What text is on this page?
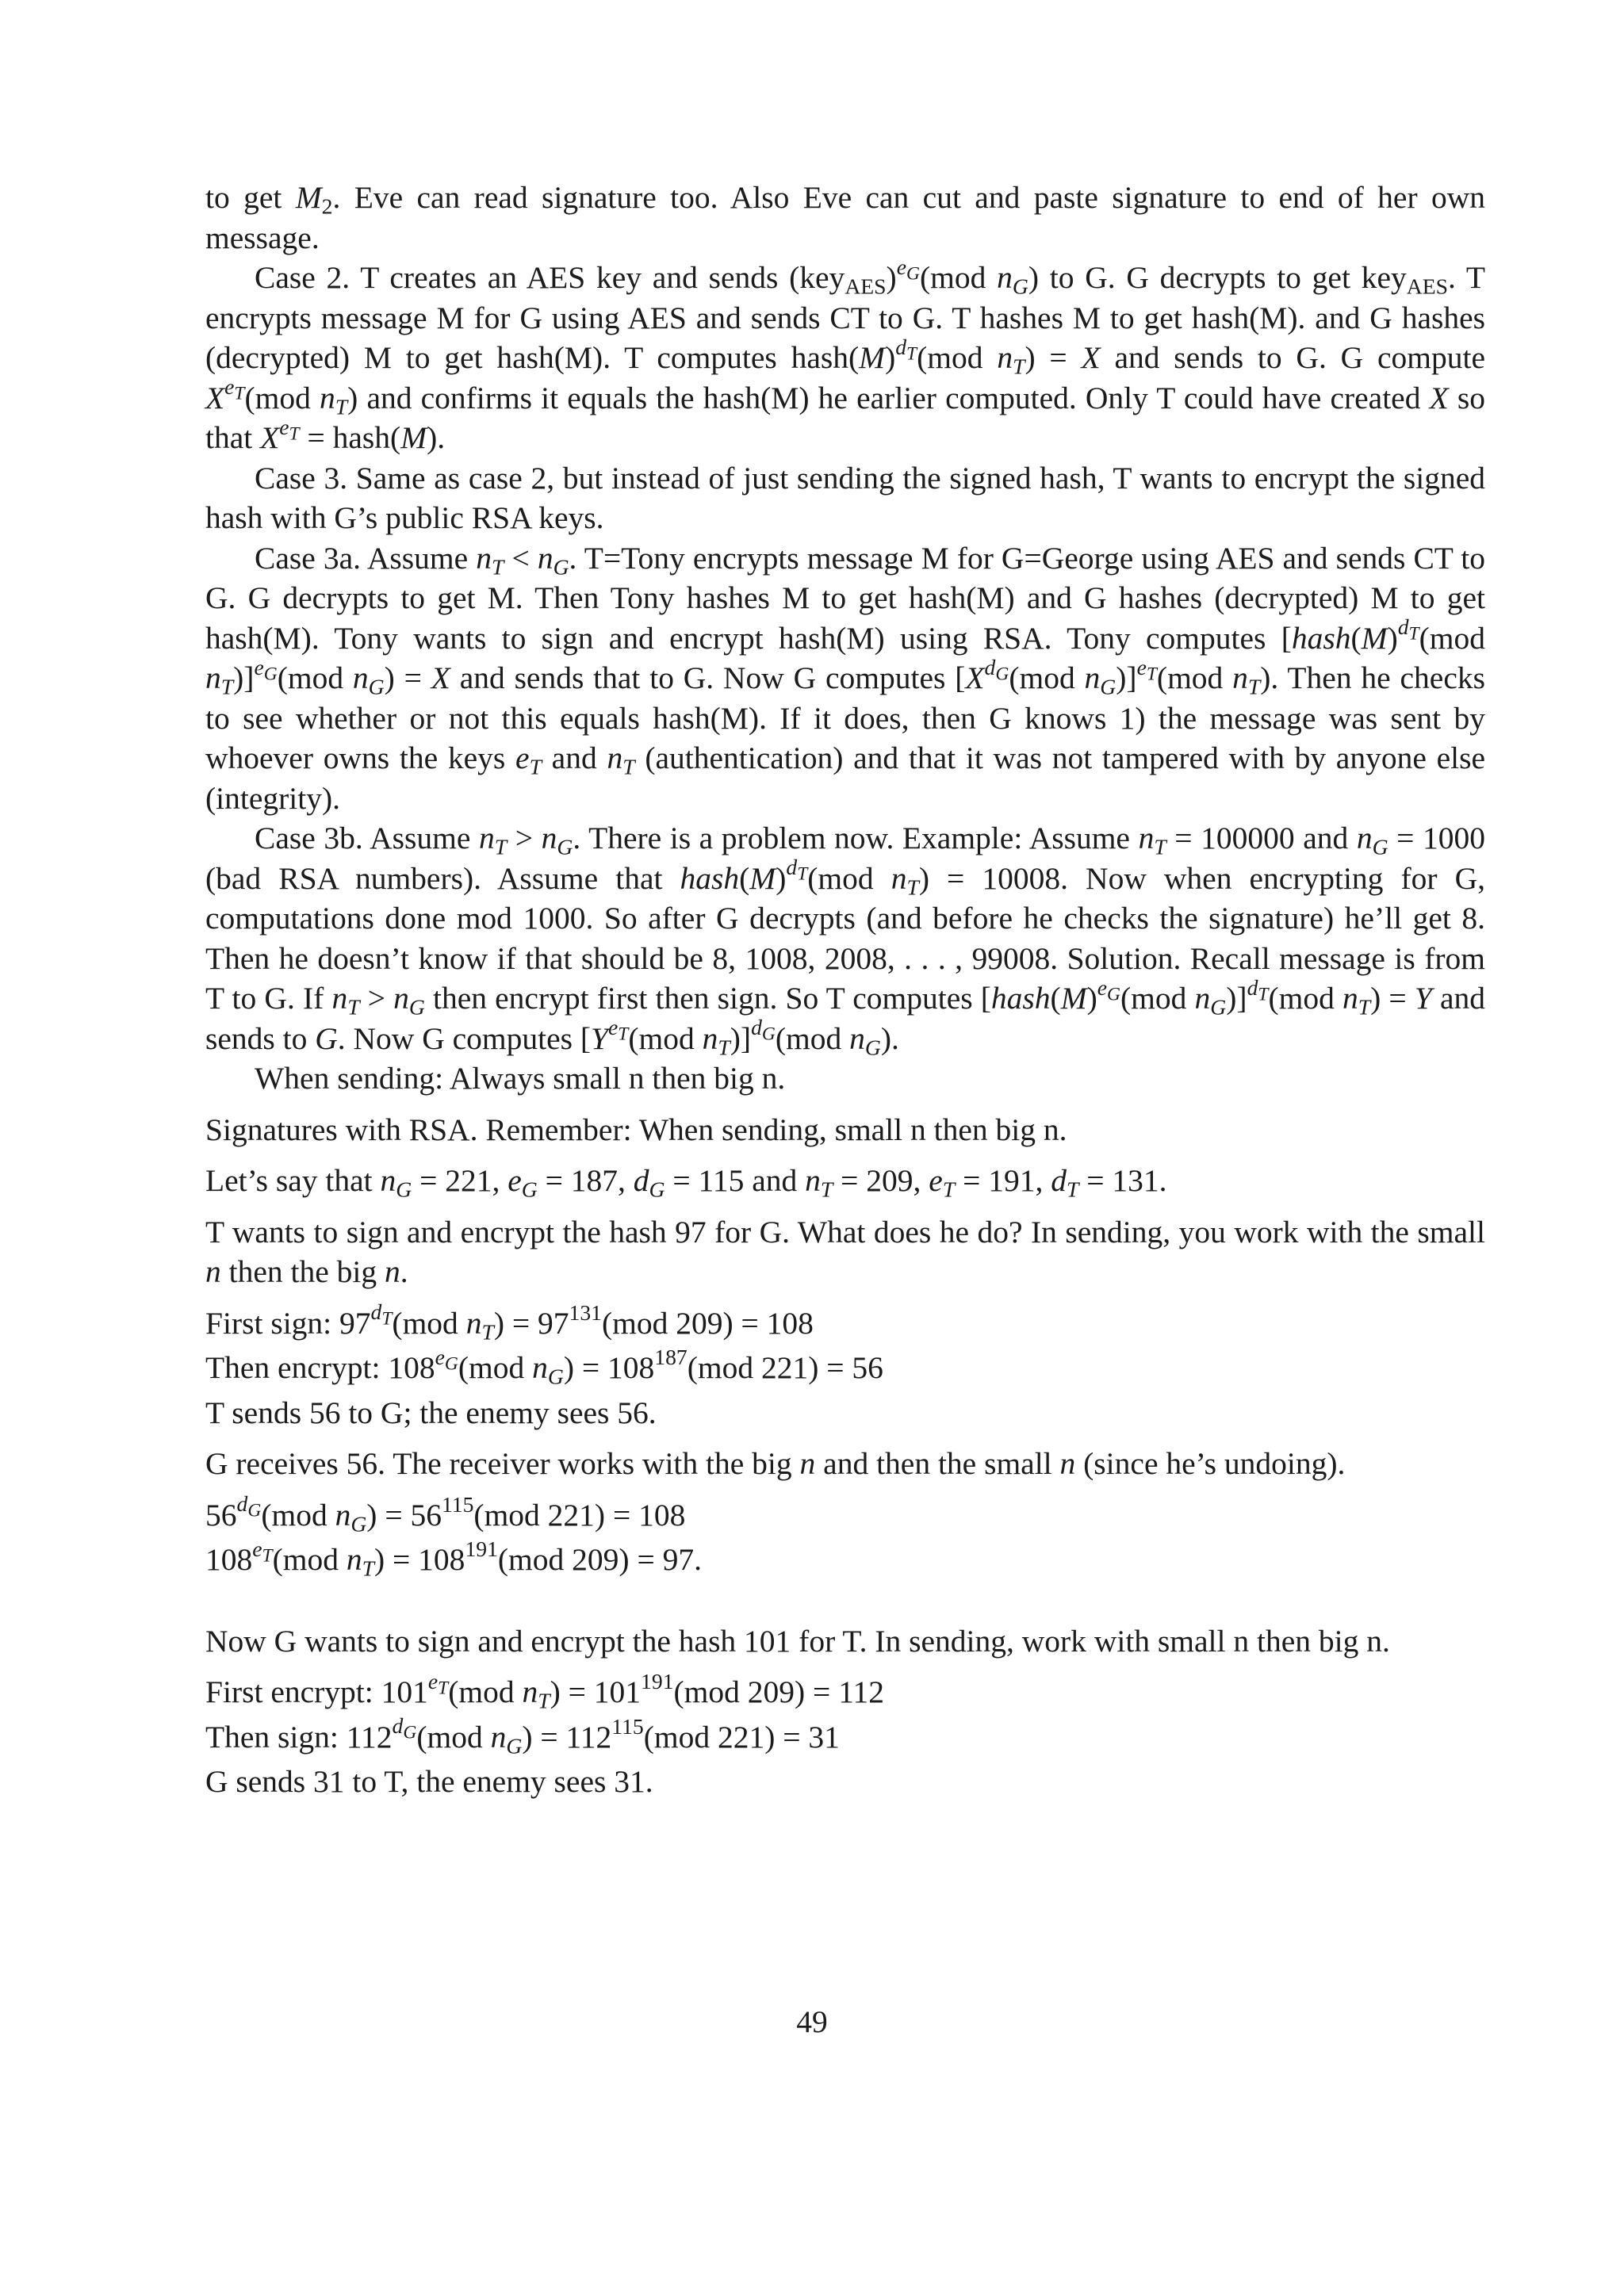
to get $M_2$. Eve can read signature too. Also Eve can cut and paste signature to end of her own message.

Case 2. T creates an AES key and sends $(key_{AES})^{e_G}(mod$ $n_G$) to G. G decrypts to get key$_{AES}$. T encrypts message M for G using AES and sends CT to G. T hashes M to get hash(M). and G hashes (decrypted) M to get hash(M). T computes $hash(M)^{d_T}(mod$ $n_T) = X$ and sends to G. G compute $X^{e_T}(mod$ $n_T$) and confirms it equals the hash(M) he earlier computed. Only T could have created X so that $X^{e_T}$ = hash(M).

Case 3. Same as case 2, but instead of just sending the signed hash, T wants to encrypt the signed hash with G’s public RSA keys.

Case 3a. Assume $n_T < n_G$. T=Tony encrypts message M for G=George using AES and sends CT to G. G decrypts to get M. Then Tony hashes M to get hash(M) and G hashes (decrypted) M to get hash(M). Tony wants to sign and encrypt hash(M) using RSA. Tony computes [$hash(M)^{d_T}(mod$ $n_T)]^{e_G}(mod$ $n_G) = X$ and sends that to G. Now G computes [$X^{d_G}(mod$ $n_G)]^{e_T}(mod$ $n_T$). Then he checks to see whether or not this equals hash(M). If it does, then G knows 1) the message was sent by whoever owns the keys $e_T$ and $n_T$ (authentication) and that it was not tampered with by anyone else (integrity).

Case 3b. Assume $n_T > n_G$. There is a problem now. Example: Assume $n_T = 100000$ and $n_G = 1000$ (bad RSA numbers). Assume that $hash(M)^{d_T}(mod$ $n_T) = 10008$. Now when encrypting for G, computations done mod 1000. So after G decrypts (and before he checks the signature) he’ll get 8. Then he doesn’t know if that should be 8, 1008, 2008, . . . , 99008. Solution. Recall message is from T to G. If $n_T > n_G$ then encrypt first then sign. So T computes [$hash(M)^{e_G}(mod$ $n_G)]^{d_T}(mod$ $n_T) = Y$ and sends to G. Now G computes [$Y^{e_T}(mod$ $n_T)]^{d_G}(mod$ $n_G$).

When sending: Always small n then big n.

Signatures with RSA. Remember: When sending, small n then big n.

Let’s say that $n_G = 221$, $e_G = 187$, $d_G = 115$ and $n_T = 209$, $e_T = 191$, $d_T = 131$.

T wants to sign and encrypt the hash 97 for G. What does he do? In sending, you work with the small n then the big n.

First sign: $97^{d_T}(mod$ $n_T) = 97^{131}(mod$ 209) = 108

Then encrypt: $108^{e_G}(mod$ $n_G) = 108^{187}(mod$ 221) = 56

T sends 56 to G; the enemy sees 56.

G receives 56. The receiver works with the big n and then the small n (since he’s undoing).

$56^{d_G}(mod$ $n_G) = 56^{115}(mod$ 221) = 108

$108^{e_T}(mod$ $n_T) = 108^{191}(mod$ 209) = 97.

Now G wants to sign and encrypt the hash 101 for T. In sending, work with small n then big n.

First encrypt: $101^{e_T}(mod$ $n_T) = 101^{191}(mod$ 209) = 112

Then sign: $112^{d_G}(mod$ $n_G) = 112^{115}(mod$ 221) = 31

G sends 31 to T, the enemy sees 31.

49
